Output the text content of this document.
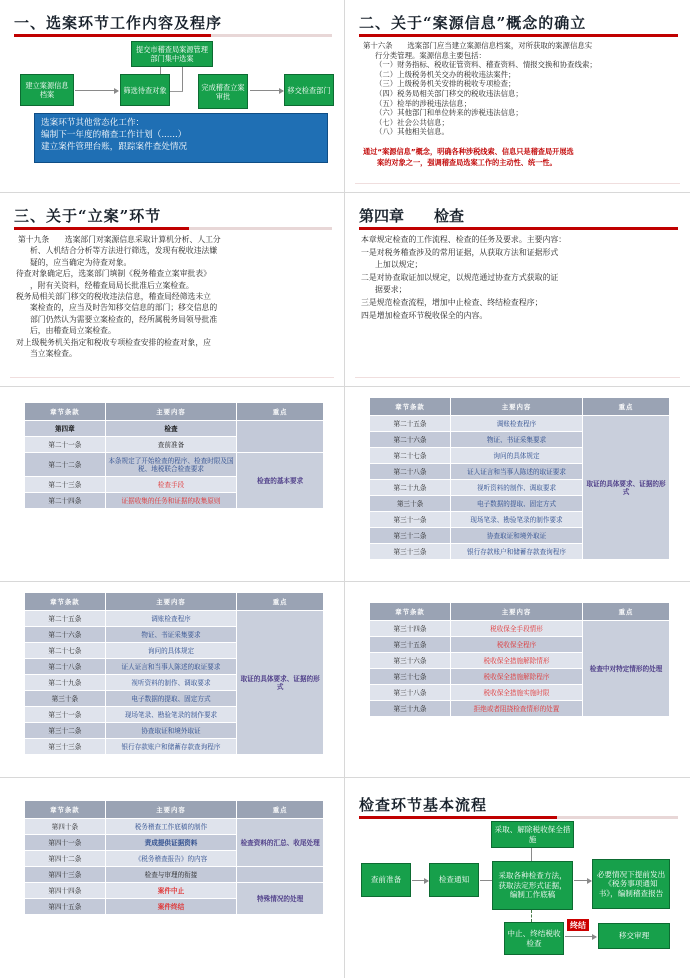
一、选案环节工作内容及程序
提交市稽查局案源管理部门集中选案
建立案源信息档案	筛选待查对象	完成稽查立案审批
移交检查部门
选案环节其他常态化工作：
编制下一年度的稽查工作计划（......）
建立案件管理台账，跟踪案件查处情况
二、关于“案源信息”概念的确立

第十六条　　选案部门应当建立案源信息档案，对所获取的案源信息实

行分类管理。案源信息主要包括：

（一）财务指标、税收征管资料、稽查资料、情报交换和协查线索；

（二）上级税务机关交办的税收违法案件；

（三）上级税务机关安排的税收专项检查；

（四）税务局相关部门移交的税收违法信息；

（五）检举的涉税违法信息；

（六）其他部门和单位转来的涉税违法信息；

（七）社会公共信息；

（八）其他相关信息。

通过“案源信息”概念，明确各种涉税线索、信息只是稽查局开展选
案的对象之一，强调稽查局选案工作的主动性、统一性。
三、关于“立案”环节

第十九条　　选案部门对案源信息采取计算机分析、人工分

析、人机结合分析等方法进行筛选，发现有税收违法嫌

疑的，应当确定为待查对象。

待查对象确定后，选案部门填制《税务稽查立案审批表》

，附有关资料，经稽查局局长批准后立案检查。

税务局相关部门移交的税收违法信息，稽查局经筛选未立

案检查的，应当及时告知移交信息的部门；移交信息的

部门仍然认为需要立案检查的，经所属税务局领导批准

后，由稽查局立案检查。

对上级税务机关指定和税收专项检查安排的检查对象，应

当立案检查。

第四章　　检查

本章规定检查的工作流程、检查的任务及要求。主要内容：

一是对税务稽查涉及的常用证据，从获取方法和证据形式

上加以规定；

二是对协查取证加以规定，以规范通过协查方式获取的证

据要求；

三是规范检查流程，增加中止检查、终结检查程序；

四是增加检查环节税收保全的内容。

章节条款	主要内容	重点
第四章	检查	
第二十一条	查前准备	
第二十二条	本条规定了开始检查的程序、检查时限及国税、地税联合检查要求	检查的基本要求
第二十三条	检查手段	
第二十四条	证据收集的任务和证据的收集原则	
章节条款	主要内容	重点
第二十五条	调账检查程序	取证的具体要求、证据的形式
第二十六条	物证、书证采集要求	
第二十七条	询问的具体规定	
第二十八条	证人证言和当事人陈述的取证要求	
第二十九条	视听资料的制作、调取要求	
第三十条	电子数据的提取、固定方式	
第三十一条	现场笔录、勘验笔录的制作要求	
第三十二条	协查取证和境外取证	
第三十三条	银行存款账户和储蓄存款查询程序	
章节条款	主要内容	重点
第二十五条	调账检查程序	取证的具体要求、证据的形式
第二十六条	物证、书证采集要求	
第二十七条	询问的具体规定	
第二十八条	证人证言和当事人陈述的取证要求	
第二十九条	视听资料的制作、调取要求	
第三十条	电子数据的提取、固定方式	
第三十一条	现场笔录、勘验笔录的制作要求	
第三十二条	协查取证和境外取证	
第三十三条	银行存款账户和储蓄存款查询程序	
章节条款	主要内容	重点
第三十四条	税收保全手段情形	检查中对特定情形的处理
第三十五条	税收保全程序	
第三十六条	税收保全措施解除情形	
第三十七条	税收保全措施解除程序	
第三十八条	税收保全措施实施时限	
第三十九条	拒绝或者阻挠检查情形的处置	
章节条款	主要内容	重点
第四十条	税务稽查工作底稿的制作	检查资料的汇总、收尾处理
第四十一条	责成提供证据资料	
第四十二条	《税务稽查报告》的内容	
第四十三条	检查与审理的衔接	
第四十四条	案件中止	特殊情况的处理
第四十五条	案件终结	
检查环节基本流程
采取、解除税收保全措施
查前准备	检查通知	采取各种检查方法，获取法定形式证据，编制工作底稿
必要情况下提前发出《税务事项通知书》，编制稽查报告
中止、终结税收检查
终结
移交审理
